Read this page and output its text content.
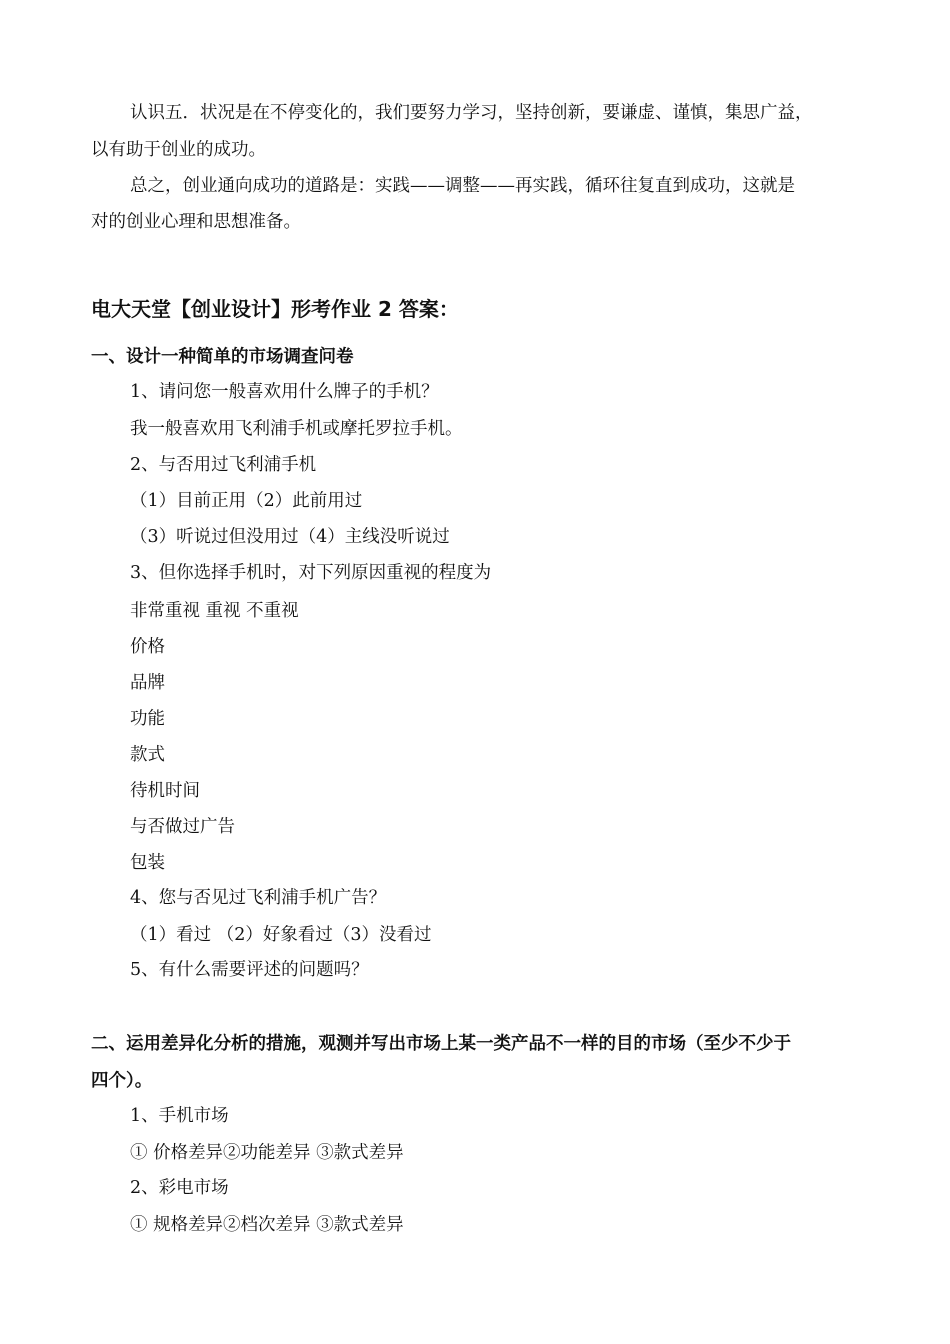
认识五．状况是在不停变化的，我们要努力学习，坚持创新，要谦虚、谨慎，集思广益，
以有助于创业的成功。
总之，创业通向成功的道路是：实践——调整——再实践，循环往复直到成功，这就是
对的创业心理和思想准备。
电大天堂【创业设计】形考作业 2 答案：
一、设计一种简单的市场调查问卷
1、请问您一般喜欢用什么牌子的手机？
我一般喜欢用飞利浦手机或摩托罗拉手机。
2、与否用过飞利浦手机
（1）目前正用（2）此前用过
（3）听说过但没用过（4）主线没听说过
3、但你选择手机时，对下列原因重视的程度为
非常重视 重视 不重视
价格
品牌
功能
款式
待机时间
与否做过广告
包装
4、您与否见过飞利浦手机广告？
（1）看过 （2）好象看过（3）没看过
5、有什么需要评述的问题吗？
二、运用差异化分析的措施，观测并写出市场上某一类产品不一样的目的市场（至少不少于
四个）。
1、手机市场
① 价格差异②功能差异 ③款式差异
2、彩电市场
① 规格差异②档次差异 ③款式差异
